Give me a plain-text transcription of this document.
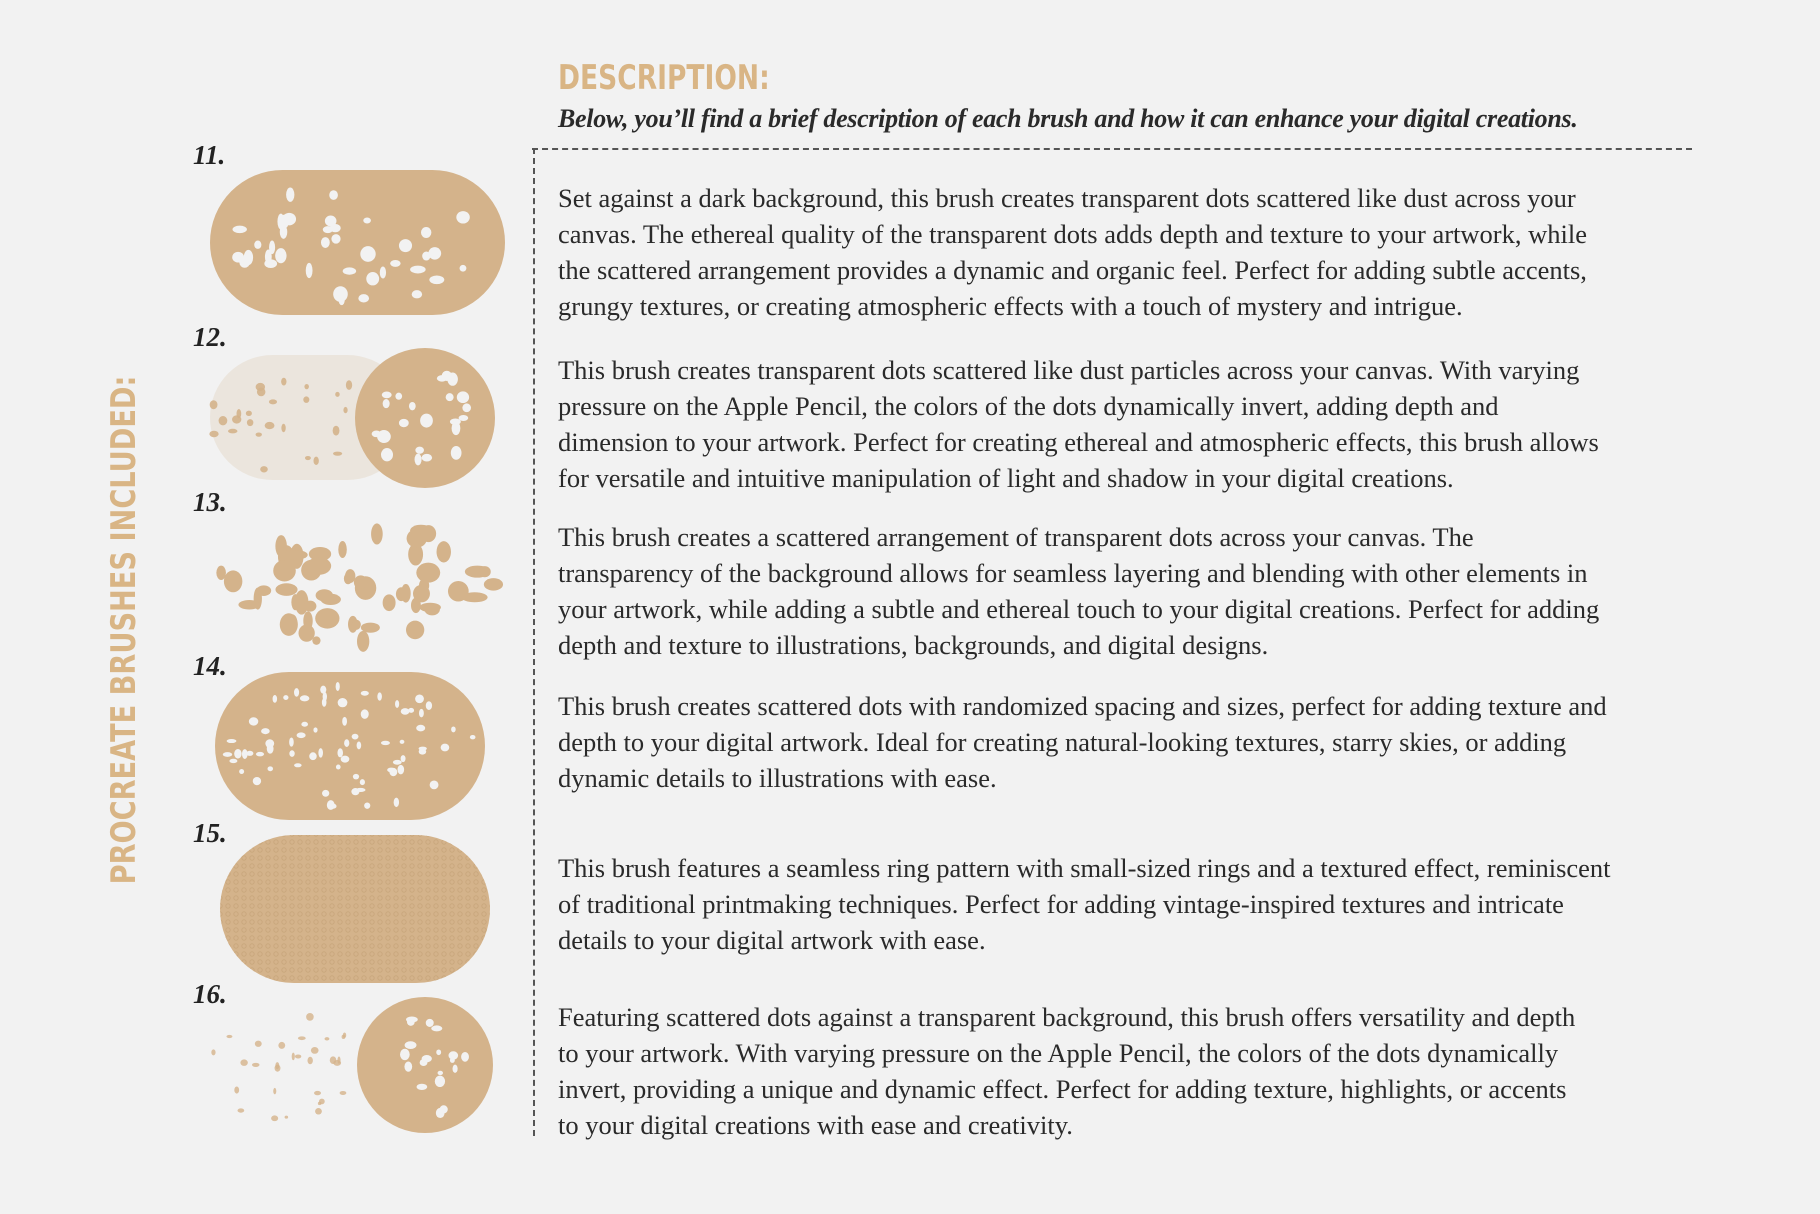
DESCRIPTION:
Below, you’ll find a brief description of each brush and how it can enhance your digital creations.
PROCREATE BRUSHES INCLUDED:
11.
Set against a dark background, this brush creates transparent dots scattered like dust across your
canvas. The ethereal quality of the transparent dots adds depth and texture to your artwork, while
the scattered arrangement provides a dynamic and organic feel. Perfect for adding subtle accents,
grungy textures, or creating atmospheric effects with a touch of mystery and intrigue.
12.
This brush creates transparent dots scattered like dust particles across your canvas. With varying
pressure on the Apple Pencil, the colors of the dots dynamically invert, adding depth and
dimension to your artwork. Perfect for creating ethereal and atmospheric effects, this brush allows
for versatile and intuitive manipulation of light and shadow in your digital creations.
13.
This brush creates a scattered arrangement of transparent dots across your canvas. The
transparency of the background allows for seamless layering and blending with other elements in
your artwork, while adding a subtle and ethereal touch to your digital creations. Perfect for adding
depth and texture to illustrations, backgrounds, and digital designs.
14.
This brush creates scattered dots with randomized spacing and sizes, perfect for adding texture and
depth to your digital artwork. Ideal for creating natural-looking textures, starry skies, or adding
dynamic details to illustrations with ease.
15.
This brush features a seamless ring pattern with small-sized rings and a textured effect, reminiscent
of traditional printmaking techniques. Perfect for adding vintage-inspired textures and intricate
details to your digital artwork with ease.
16.
Featuring scattered dots against a transparent background, this brush offers versatility and depth
to your artwork. With varying pressure on the Apple Pencil, the colors of the dots dynamically
invert, providing a unique and dynamic effect. Perfect for adding texture, highlights, or accents
to your digital creations with ease and creativity.
